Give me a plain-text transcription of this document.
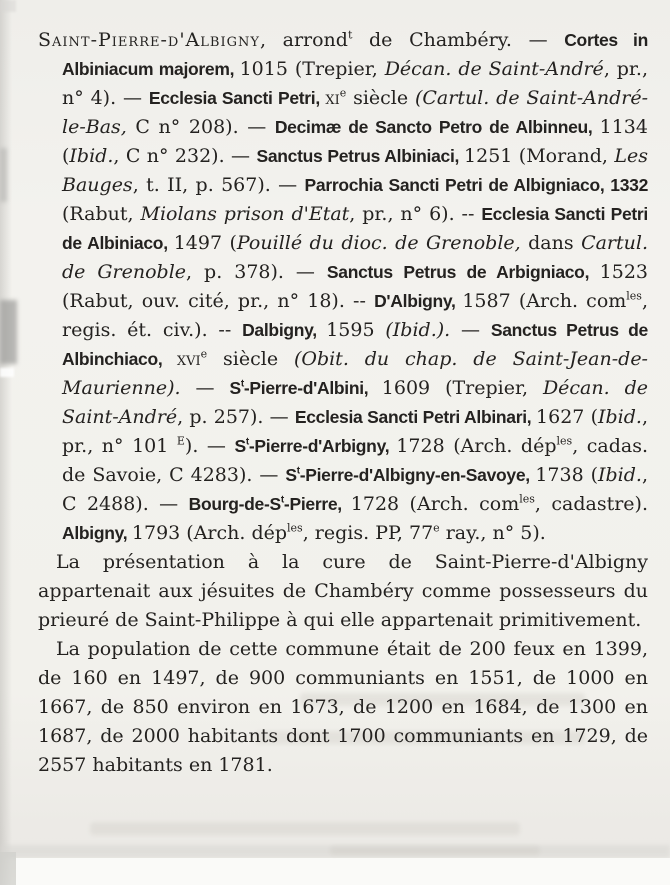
Saint-Pierre-d'Albigny, arrond$^t$ de Chambéry. — Cortes in Albiniacum majorem, 1015 (Trepier, Décan. de Saint-André, pr., n° 4). — Ecclesia Sancti Petri, $xi^e$ siècle (Cartul. de Saint-André-le-Bas, C n° 208). — Decimæ de Sancto Petro de Albinneu, 1134 (Ibid., C n° 232). — Sanctus Petrus Albiniaci, 1251 (Morand, Les Bauges, t. II, p. 567). — Parrochia Sancti Petri de Albigniaco, 1332 (Rabut, Miolans prison d'Etat, pr., n° 6). -- Ecclesia Sancti Petri de Albiniaco, 1497 (Pouillé du dioc. de Grenoble, dans Cartul. de Grenoble, p. 378). — Sanctus Petrus de Arbigniaco, 1523 (Rabut, ouv. cité, pr., n° 18). -- D'Albigny, 1587 (Arch. com$^{les}$, regis. ét. civ.). -- Dalbigny, 1595 (Ibid.). — Sanctus Petrus de Albinchiaco, xvi$^e$ siècle (Obit. du chap. de Saint-Jean-de-Maurienne). — $S^t-Pierre-d'Albini$, 1609 (Trepier, Décan. de Saint-André, p. 257). — Ecclesia Sancti Petri Albinari, 1627 (Ibid., pr., n° 101 $^E$). — $S^t-Pierre-d'Arbigny$, 1728 (Arch. dép$^{les}$, cadas. de Savoie, C 4283). — $S^t-Pierre-d'Albigny-en$-Savoye, 1738 (Ibid., C 2488). — Bourg-$de-S^t$-Pierre, 1728 (Arch. com$^{les}$, cadastre). Albigny, 1793 (Arch. dép$^{les}$, regis. PP, 77e ray., n° 5).

La présentation à la cure de Saint-Pierre-d'Albigny appartenait aux jésuites de Chambéry comme possesseurs du prieuré de Saint-Philippe à qui elle appartenait primitivement.

La population de cette commune était de 200 feux en 1399, de 160 en 1497, de 900 communiants en 1551, de 1000 en 1667, de 850 environ en 1673, de 1200 en 1684, de 1300 en 1687, de 2000 habitants dont 1700 communiants en 1729, de 2557 habitants en 1781.
